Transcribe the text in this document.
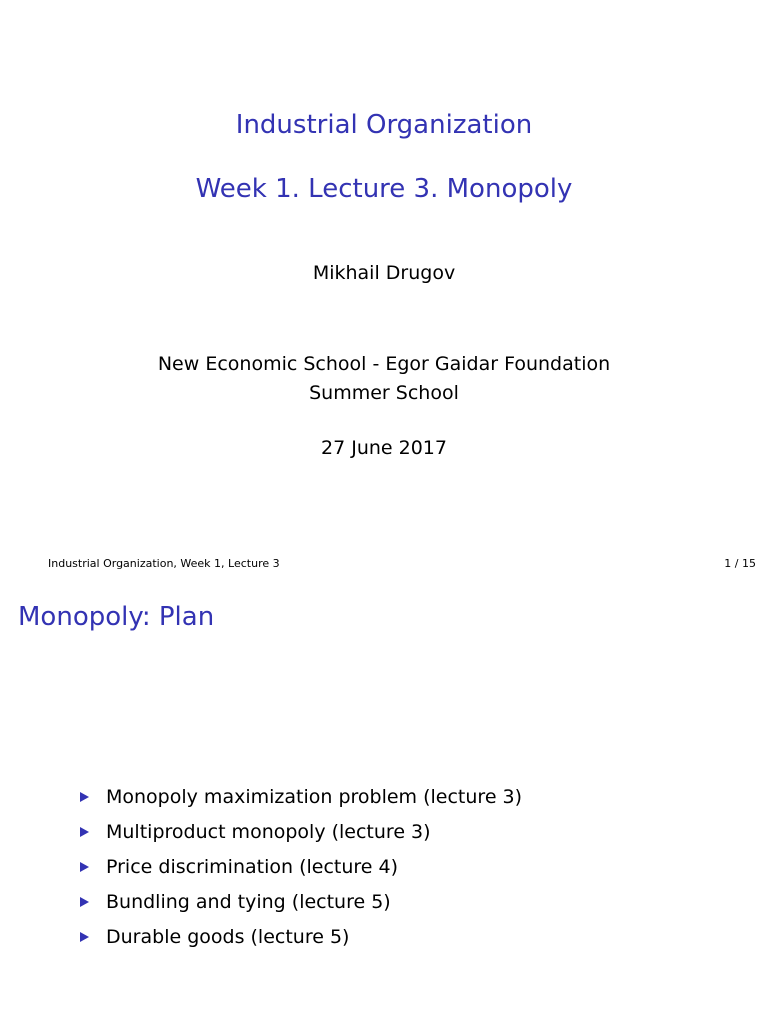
Industrial Organization
Week 1. Lecture 3. Monopoly
Mikhail Drugov
New Economic School - Egor Gaidar Foundation
Summer School
27 June 2017
Industrial Organization, Week 1, Lecture 3	1 / 15
Monopoly: Plan
Monopoly maximization problem (lecture 3)
Multiproduct monopoly (lecture 3)
Price discrimination (lecture 4)
Bundling and tying (lecture 5)
Durable goods (lecture 5)
